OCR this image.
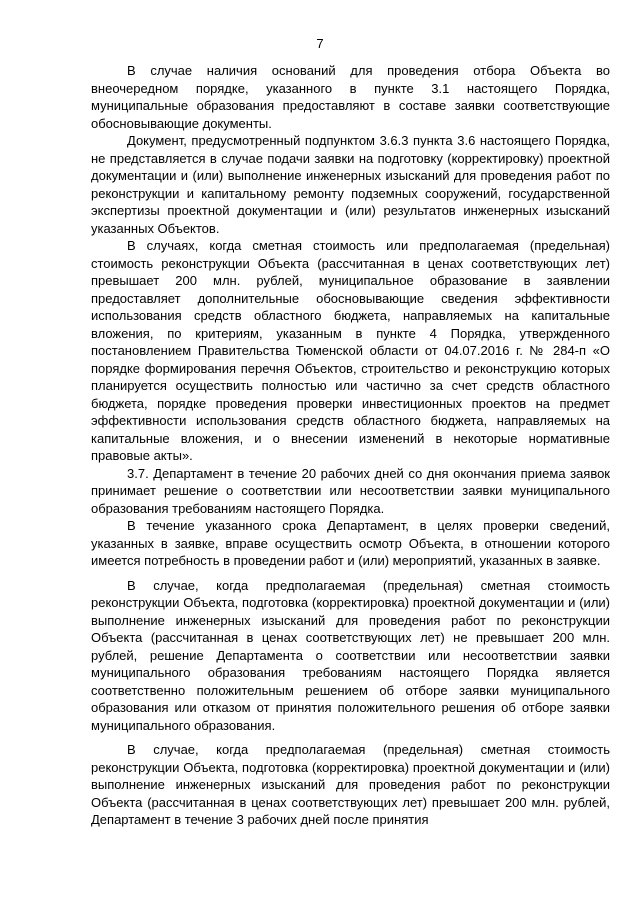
7

В случае наличия оснований для проведения отбора Объекта во внеочередном порядке, указанного в пункте 3.1 настоящего Порядка, муниципальные образования предоставляют в составе заявки соответствующие обосновывающие документы.

Документ, предусмотренный подпунктом 3.6.3 пункта 3.6 настоящего Порядка, не представляется в случае подачи заявки на подготовку (корректировку) проектной документации и (или) выполнение инженерных изысканий для проведения работ по реконструкции и капитальному ремонту подземных сооружений, государственной экспертизы проектной документации и (или) результатов инженерных изысканий указанных Объектов.

В случаях, когда сметная стоимость или предполагаемая (предельная) стоимость реконструкции Объекта (рассчитанная в ценах соответствующих лет) превышает 200 млн. рублей, муниципальное образование в заявлении предоставляет дополнительные обосновывающие сведения эффективности использования средств областного бюджета, направляемых на капитальные вложения, по критериям, указанным в пункте 4 Порядка, утвержденного постановлением Правительства Тюменской области от 04.07.2016 г. № 284-п «О порядке формирования перечня Объектов, строительство и реконструкцию которых планируется осуществить полностью или частично за счет средств областного бюджета, порядке проведения проверки инвестиционных проектов на предмет эффективности использования средств областного бюджета, направляемых на капитальные вложения, и о внесении изменений в некоторые нормативные правовые акты».

3.7. Департамент в течение 20 рабочих дней со дня окончания приема заявок принимает решение о соответствии или несоответствии заявки муниципального образования требованиям настоящего Порядка.

В течение указанного срока Департамент, в целях проверки сведений, указанных в заявке, вправе осуществить осмотр Объекта, в отношении которого имеется потребность в проведении работ и (или) мероприятий, указанных в заявке.

В случае, когда предполагаемая (предельная) сметная стоимость реконструкции Объекта, подготовка (корректировка) проектной документации и (или) выполнение инженерных изысканий для проведения работ по реконструкции Объекта (рассчитанная в ценах соответствующих лет) не превышает 200 млн. рублей, решение Департамента о соответствии или несоответствии заявки муниципального образования требованиям настоящего Порядка является соответственно положительным решением об отборе заявки муниципального образования или отказом от принятия положительного решения об отборе заявки муниципального образования.

В случае, когда предполагаемая (предельная) сметная стоимость реконструкции Объекта, подготовка (корректировка) проектной документации и (или) выполнение инженерных изысканий для проведения работ по реконструкции Объекта (рассчитанная в ценах соответствующих лет) превышает 200 млн. рублей, Департамент в течение 3 рабочих дней после принятия
